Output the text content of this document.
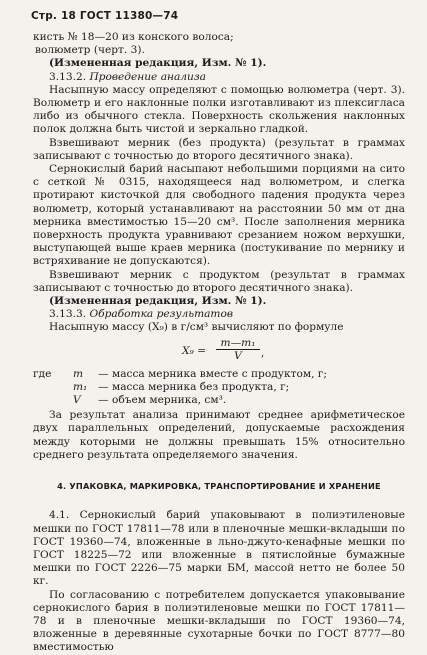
Стр. 18 ГОСТ 11380—74

кисть № 18—20 из конского волоса;

волюметр (черт. 3).

(Измененная редакция, Изм. № 1).

3.13.2. Проведение анализа

Насыпную массу определяют с помощью волюметра (черт. 3). Волюметр и его наклонные полки изготавливают из плексигласа либо из обычного стекла. Поверхность скольжения наклонных полок должна быть чистой и зеркально гладкой.

Взвешивают мерник (без продукта) (результат в граммах записывают с точностью до второго десятичного знака).

Сернокислый барий насыпают небольшими порциями на сито с сеткой № 0315, находящееся над волюметром, и слегка протирают кисточкой для свободного падения продукта через волюметр, который устанавливают на расстоянии 50 мм от дна мерника вместимостью 15—20 см³. После заполнения мерника поверхность продукта уравнивают срезанием ножом верхушки, выступающей выше краев мерника (постукивание по мернику и встряхивание не допускаются).

Взвешивают мерник с продуктом (результат в граммах записывают с точностью до второго десятичного знака).

(Измененная редакция, Изм. № 1).

3.13.3. Обработка результатов

Насыпную массу (X₉) в г/см³ вычисляют по формуле

$X_9 = \frac{\text{m—m₁}}{V}$ ,
где	m	— масса мерника вместе с продуктом, г;
m₁	— масса мерника без продукта, г;
V	— объем мерника, см³.

За результат анализа принимают среднее арифметическое двух параллельных определений, допускаемые расхождения между которыми не должны превышать 15% относительно среднего результата определяемого значения.

4. УПАКОВКА, МАРКИРОВКА, ТРАНСПОРТИРОВАНИЕ И ХРАНЕНИЕ

4.1. Сернокислый барий упаковывают в полиэтиленовые мешки по ГОСТ 17811—78 или в пленочные мешки-вкладыши по ГОСТ 19360—74, вложенные в льно-джуто-кенафные мешки по ГОСТ 18225—72 или вложенные в пятислойные бумажные мешки по ГОСТ 2226—75 марки БМ, массой нетто не более 50 кг.

По согласованию с потребителем допускается упаковывание сернокислого бария в полиэтиленовые мешки по ГОСТ 17811—78 и в пленочные мешки-вкладыши по ГОСТ 19360—74, вложенные в деревянные сухотарные бочки по ГОСТ 8777—80 вместимостью
